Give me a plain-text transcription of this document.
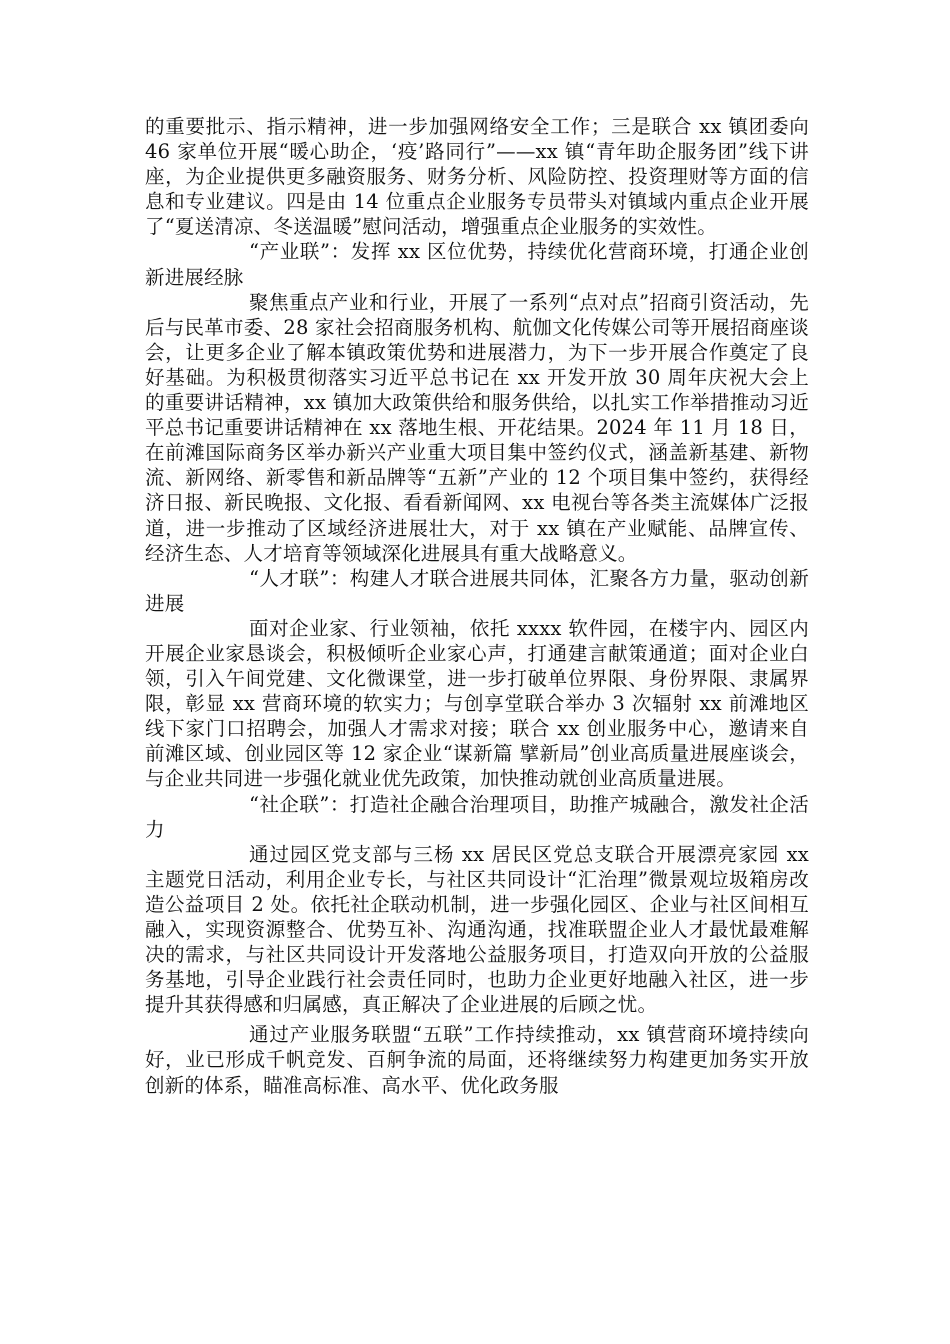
的重要批示、指示精神，进一步加强网络安全工作；三是联合 xx 镇团委向 46 家单位开展“暖心助企，‘疫’路同行”——xx 镇“青年助企服务团”线下讲座，为企业提供更多融资服务、财务分析、风险防控、投资理财等方面的信息和专业建议。四是由 14 位重点企业服务专员带头对镇域内重点企业开展了“夏送清凉、冬送温暖”慰问活动，增强重点企业服务的实效性。

“产业联”：发挥 xx 区位优势，持续优化营商环境，打通企业创新进展经脉

聚焦重点产业和行业，开展了一系列“点对点”招商引资活动，先后与民革市委、28 家社会招商服务机构、航伽文化传媒公司等开展招商座谈会，让更多企业了解本镇政策优势和进展潜力，为下一步开展合作奠定了良好基础。为积极贯彻落实习近平总书记在 xx 开发开放 30 周年庆祝大会上的重要讲话精神，xx 镇加大政策供给和服务供给，以扎实工作举措推动习近平总书记重要讲话精神在 xx 落地生根、开花结果。2024 年 11 月 18 日，在前滩国际商务区举办新兴产业重大项目集中签约仪式，涵盖新基建、新物流、新网络、新零售和新品牌等“五新”产业的 12 个项目集中签约，获得经济日报、新民晚报、文化报、看看新闻网、xx 电视台等各类主流媒体广泛报道，进一步推动了区域经济进展壮大，对于 xx 镇在产业赋能、品牌宣传、经济生态、人才培育等领域深化进展具有重大战略意义。

“人才联”：构建人才联合进展共同体，汇聚各方力量，驱动创新进展

面对企业家、行业领袖，依托 xxxx 软件园，在楼宇内、园区内开展企业家恳谈会，积极倾听企业家心声，打通建言献策通道；面对企业白领，引入午间党建、文化微课堂，进一步打破单位界限、身份界限、隶属界限，彰显 xx 营商环境的软实力；与创享堂联合举办 3 次辐射 xx 前滩地区线下家门口招聘会，加强人才需求对接；联合 xx 创业服务中心，邀请来自前滩区域、创业园区等 12 家企业“谋新篇 擘新局”创业高质量进展座谈会，与企业共同进一步强化就业优先政策，加快推动就创业高质量进展。

“社企联”：打造社企融合治理项目，助推产城融合，激发社企活力

通过园区党支部与三杨 xx 居民区党总支联合开展漂亮家园 xx 主题党日活动，利用企业专长，与社区共同设计“汇治理”微景观垃圾箱房改造公益项目 2 处。依托社企联动机制，进一步强化园区、企业与社区间相互融入，实现资源整合、优势互补、沟通沟通，找准联盟企业人才最忧最难解决的需求，与社区共同设计开发落地公益服务项目，打造双向开放的公益服务基地，引导企业践行社会责任同时，也助力企业更好地融入社区，进一步提升其获得感和归属感，真正解决了企业进展的后顾之忧。

通过产业服务联盟“五联”工作持续推动，xx 镇营商环境持续向好，业已形成千帆竞发、百舸争流的局面，还将继续努力构建更加务实开放创新的体系，瞄准高标准、高水平、优化政务服
